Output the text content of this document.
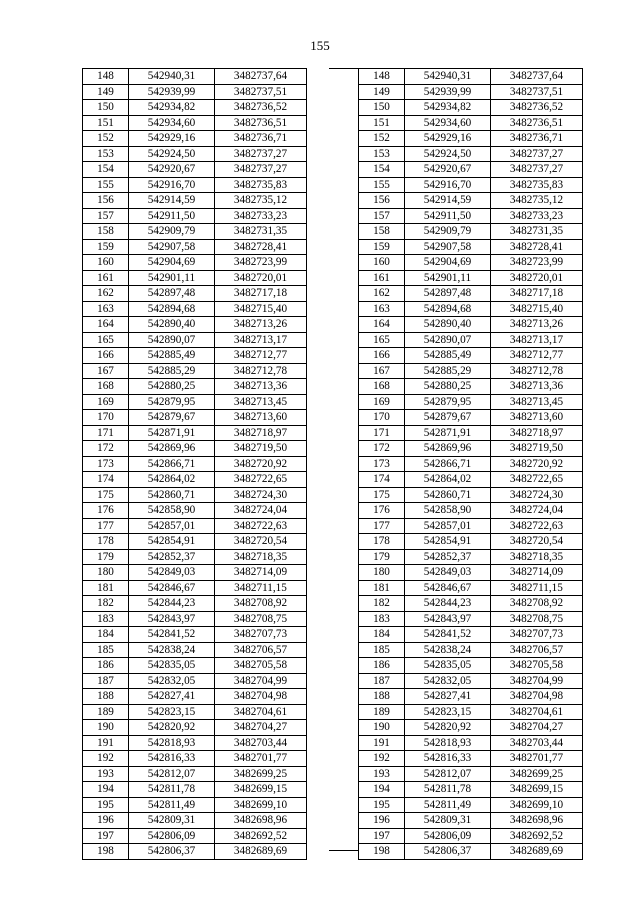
155
148	542940,31	3482737,64
149	542939,99	3482737,51
150	542934,82	3482736,52
151	542934,60	3482736,51
152	542929,16	3482736,71
153	542924,50	3482737,27
154	542920,67	3482737,27
155	542916,70	3482735,83
156	542914,59	3482735,12
157	542911,50	3482733,23
158	542909,79	3482731,35
159	542907,58	3482728,41
160	542904,69	3482723,99
161	542901,11	3482720,01
162	542897,48	3482717,18
163	542894,68	3482715,40
164	542890,40	3482713,26
165	542890,07	3482713,17
166	542885,49	3482712,77
167	542885,29	3482712,78
168	542880,25	3482713,36
169	542879,95	3482713,45
170	542879,67	3482713,60
171	542871,91	3482718,97
172	542869,96	3482719,50
173	542866,71	3482720,92
174	542864,02	3482722,65
175	542860,71	3482724,30
176	542858,90	3482724,04
177	542857,01	3482722,63
178	542854,91	3482720,54
179	542852,37	3482718,35
180	542849,03	3482714,09
181	542846,67	3482711,15
182	542844,23	3482708,92
183	542843,97	3482708,75
184	542841,52	3482707,73
185	542838,24	3482706,57
186	542835,05	3482705,58
187	542832,05	3482704,99
188	542827,41	3482704,98
189	542823,15	3482704,61
190	542820,92	3482704,27
191	542818,93	3482703,44
192	542816,33	3482701,77
193	542812,07	3482699,25
194	542811,78	3482699,15
195	542811,49	3482699,10
196	542809,31	3482698,96
197	542806,09	3482692,52
198	542806,37	3482689,69
148	542940,31	3482737,64
149	542939,99	3482737,51
150	542934,82	3482736,52
151	542934,60	3482736,51
152	542929,16	3482736,71
153	542924,50	3482737,27
154	542920,67	3482737,27
155	542916,70	3482735,83
156	542914,59	3482735,12
157	542911,50	3482733,23
158	542909,79	3482731,35
159	542907,58	3482728,41
160	542904,69	3482723,99
161	542901,11	3482720,01
162	542897,48	3482717,18
163	542894,68	3482715,40
164	542890,40	3482713,26
165	542890,07	3482713,17
166	542885,49	3482712,77
167	542885,29	3482712,78
168	542880,25	3482713,36
169	542879,95	3482713,45
170	542879,67	3482713,60
171	542871,91	3482718,97
172	542869,96	3482719,50
173	542866,71	3482720,92
174	542864,02	3482722,65
175	542860,71	3482724,30
176	542858,90	3482724,04
177	542857,01	3482722,63
178	542854,91	3482720,54
179	542852,37	3482718,35
180	542849,03	3482714,09
181	542846,67	3482711,15
182	542844,23	3482708,92
183	542843,97	3482708,75
184	542841,52	3482707,73
185	542838,24	3482706,57
186	542835,05	3482705,58
187	542832,05	3482704,99
188	542827,41	3482704,98
189	542823,15	3482704,61
190	542820,92	3482704,27
191	542818,93	3482703,44
192	542816,33	3482701,77
193	542812,07	3482699,25
194	542811,78	3482699,15
195	542811,49	3482699,10
196	542809,31	3482698,96
197	542806,09	3482692,52
198	542806,37	3482689,69
